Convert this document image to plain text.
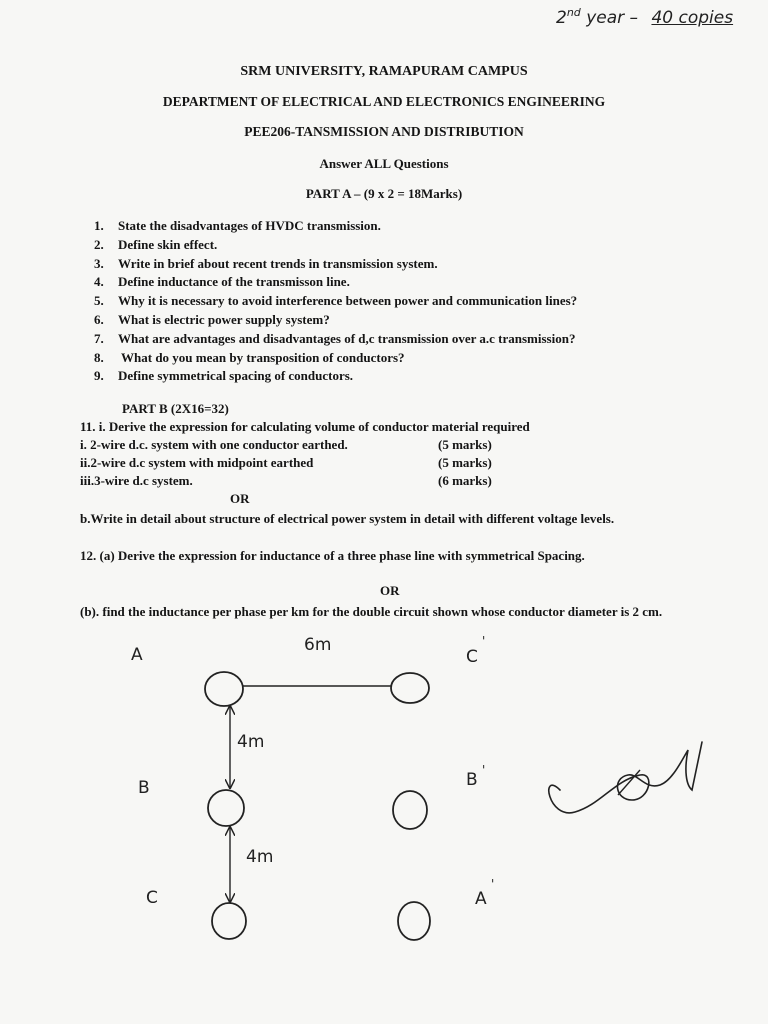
2nd year – 40 copies
SRM UNIVERSITY, RAMAPURAM CAMPUS
DEPARTMENT OF ELECTRICAL AND ELECTRONICS ENGINEERING
PEE206-TANSMISSION AND DISTRIBUTION
Answer ALL Questions
PART A – (9 x 2 = 18Marks)
1. State the disadvantages of HVDC transmission.
2. Define skin effect.
3. Write in brief about recent trends in transmission system.
4. Define inductance of the transmisson line.
5. Why it is necessary to avoid interference between power and communication lines?
6. What is electric power supply system?
7. What are advantages and disadvantages of d,c transmission over a.c transmission?
8. What do you mean by transposition of conductors?
9. Define symmetrical spacing of conductors.
PART B (2X16=32)
11. i. Derive the expression for calculating volume of conductor material required
i. 2-wire d.c. system with one conductor earthed.	(5 marks)
ii.2-wire d.c system with midpoint earthed	(5 marks)
iii.3-wire d.c system.	(6 marks)
OR
b.Write in detail about structure of electrical power system in detail with different voltage levels.
12. (a) Derive the expression for inductance of a three phase line with symmetrical Spacing.
OR
(b). find the inductance per phase per km for the double circuit shown whose conductor diameter is 2 cm.
A	6m
C
'
B	B '
C	A
'
4m
4m
